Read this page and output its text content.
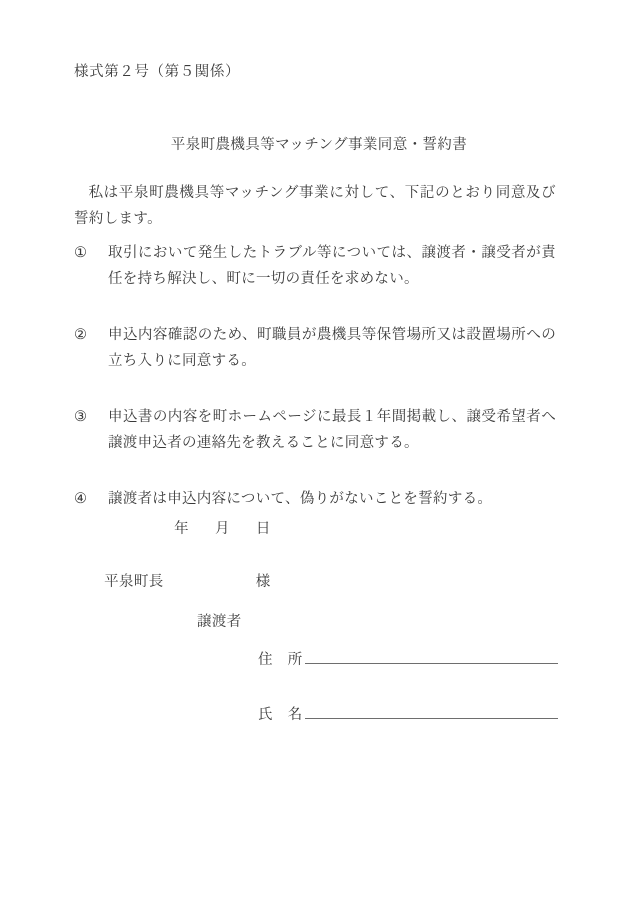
様式第２号（第５関係）
平泉町農機具等マッチング事業同意・誓約書
私は平泉町農機具等マッチング事業に対して、下記のとおり同意及び誓約します。
①	取引において発生したトラブル等については、譲渡者・譲受者が責任を持ち解決し、町に一切の責任を求めない。
②	申込内容確認のため、町職員が農機具等保管場所又は設置場所への立ち入りに同意する。
③	申込書の内容を町ホームページに最長１年間掲載し、譲受希望者へ譲渡申込者の連絡先を教えることに同意する。
④	譲渡者は申込内容について、偽りがないことを誓約する。

年 月 日

平泉町長	様

譲渡者
住　所
氏　名
